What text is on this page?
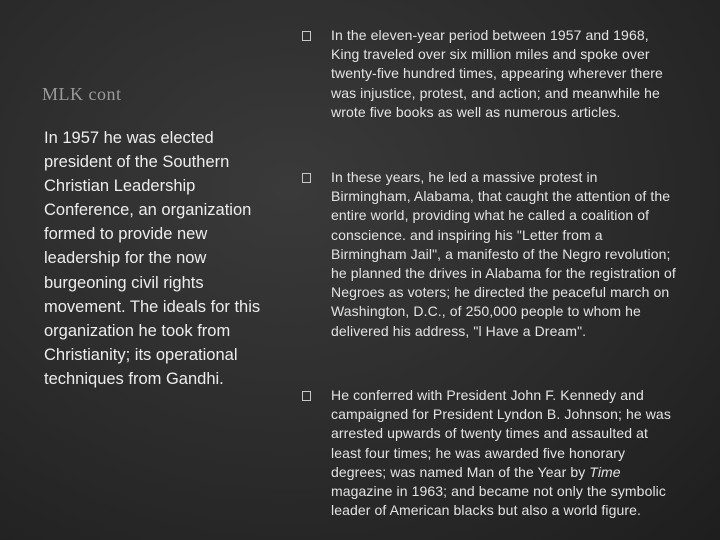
MLK cont

In 1957 he was elected president of the Southern Christian Leadership Conference, an organization formed to provide new leadership for the now burgeoning civil rights movement. The ideals for this organization he took from Christianity; its operational techniques from Gandhi.

In the eleven-year period between 1957 and 1968, King traveled over six million miles and spoke over twenty-five hundred times, appearing wherever there was injustice, protest, and action; and meanwhile he wrote five books as well as numerous articles.
In these years, he led a massive protest in Birmingham, Alabama, that caught the attention of the entire world, providing what he called a coalition of conscience. and inspiring his "Letter from a Birmingham Jail", a manifesto of the Negro revolution; he planned the drives in Alabama for the registration of Negroes as voters; he directed the peaceful march on Washington, D.C., of 250,000 people to whom he delivered his address, "l Have a Dream".
He conferred with President John F. Kennedy and campaigned for President Lyndon B. Johnson; he was arrested upwards of twenty times and assaulted at least four times; he was awarded five honorary degrees; was named Man of the Year by Time magazine in 1963; and became not only the symbolic leader of American blacks but also a world figure.
